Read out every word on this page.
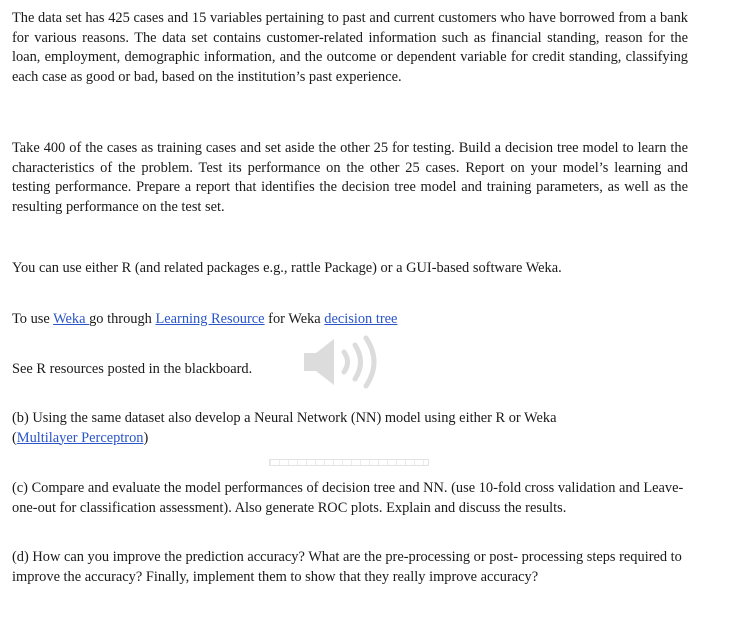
The data set has 425 cases and 15 variables pertaining to past and current customers who have borrowed from a bank for various reasons. The data set contains customer-related information such as financial standing, reason for the loan, employment, demographic information, and the outcome or dependent variable for credit standing, classifying each case as good or bad, based on the institution’s past experience.

Take 400 of the cases as training cases and set aside the other 25 for testing. Build a decision tree model to learn the characteristics of the problem. Test its performance on the other 25 cases. Report on your model’s learning and testing performance. Prepare a report that identifies the decision tree model and training parameters, as well as the resulting performance on the test set.

You can use either R (and related packages e.g., rattle Package) or a GUI-based software Weka.

To use Weka go through Learning Resource for Weka decision tree

See R resources posted in the blackboard.

(b) Using the same dataset also develop a Neural Network (NN) model using either R or Weka
(Multilayer Perceptron)

(c) Compare and evaluate the model performances of decision tree and NN. (use 10-fold cross validation and Leave-one-out for classification assessment). Also generate ROC plots. Explain and discuss the results.

(d) How can you improve the prediction accuracy? What are the pre-processing or post- processing steps required to improve the accuracy? Finally, implement them to show that they really improve accuracy?
